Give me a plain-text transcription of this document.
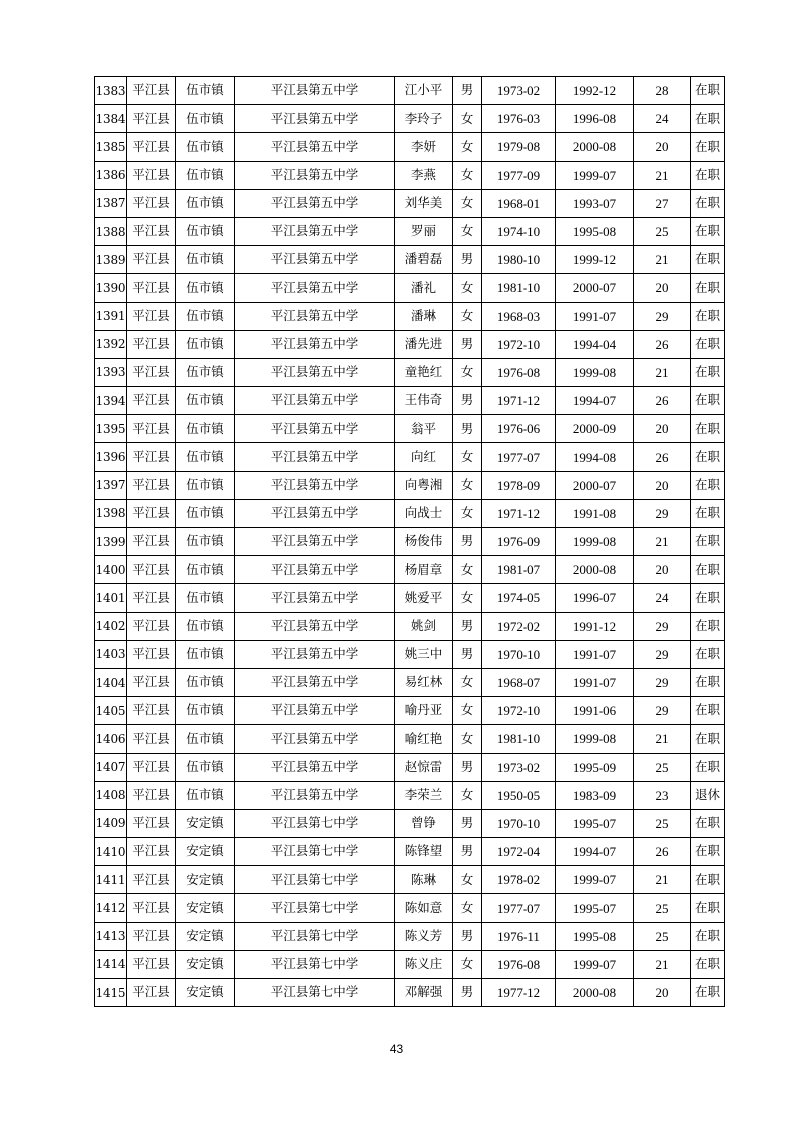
1383	平江县	伍市镇	平江县第五中学	江小平	男	1973-02	1992-12	28	在职
1384	平江县	伍市镇	平江县第五中学	李玲子	女	1976-03	1996-08	24	在职
1385	平江县	伍市镇	平江县第五中学	李妍	女	1979-08	2000-08	20	在职
1386	平江县	伍市镇	平江县第五中学	李燕	女	1977-09	1999-07	21	在职
1387	平江县	伍市镇	平江县第五中学	刘华美	女	1968-01	1993-07	27	在职
1388	平江县	伍市镇	平江县第五中学	罗丽	女	1974-10	1995-08	25	在职
1389	平江县	伍市镇	平江县第五中学	潘碧磊	男	1980-10	1999-12	21	在职
1390	平江县	伍市镇	平江县第五中学	潘礼	女	1981-10	2000-07	20	在职
1391	平江县	伍市镇	平江县第五中学	潘琳	女	1968-03	1991-07	29	在职
1392	平江县	伍市镇	平江县第五中学	潘先进	男	1972-10	1994-04	26	在职
1393	平江县	伍市镇	平江县第五中学	童艳红	女	1976-08	1999-08	21	在职
1394	平江县	伍市镇	平江县第五中学	王伟奇	男	1971-12	1994-07	26	在职
1395	平江县	伍市镇	平江县第五中学	翁平	男	1976-06	2000-09	20	在职
1396	平江县	伍市镇	平江县第五中学	向红	女	1977-07	1994-08	26	在职
1397	平江县	伍市镇	平江县第五中学	向粤湘	女	1978-09	2000-07	20	在职
1398	平江县	伍市镇	平江县第五中学	向战士	女	1971-12	1991-08	29	在职
1399	平江县	伍市镇	平江县第五中学	杨俊伟	男	1976-09	1999-08	21	在职
1400	平江县	伍市镇	平江县第五中学	杨眉章	女	1981-07	2000-08	20	在职
1401	平江县	伍市镇	平江县第五中学	姚爱平	女	1974-05	1996-07	24	在职
1402	平江县	伍市镇	平江县第五中学	姚剑	男	1972-02	1991-12	29	在职
1403	平江县	伍市镇	平江县第五中学	姚三中	男	1970-10	1991-07	29	在职
1404	平江县	伍市镇	平江县第五中学	易红林	女	1968-07	1991-07	29	在职
1405	平江县	伍市镇	平江县第五中学	喻丹亚	女	1972-10	1991-06	29	在职
1406	平江县	伍市镇	平江县第五中学	喻红艳	女	1981-10	1999-08	21	在职
1407	平江县	伍市镇	平江县第五中学	赵惊雷	男	1973-02	1995-09	25	在职
1408	平江县	伍市镇	平江县第五中学	李荣兰	女	1950-05	1983-09	23	退休
1409	平江县	安定镇	平江县第七中学	曾铮	男	1970-10	1995-07	25	在职
1410	平江县	安定镇	平江县第七中学	陈锋望	男	1972-04	1994-07	26	在职
1411	平江县	安定镇	平江县第七中学	陈琳	女	1978-02	1999-07	21	在职
1412	平江县	安定镇	平江县第七中学	陈如意	女	1977-07	1995-07	25	在职
1413	平江县	安定镇	平江县第七中学	陈义芳	男	1976-11	1995-08	25	在职
1414	平江县	安定镇	平江县第七中学	陈义庄	女	1976-08	1999-07	21	在职
1415	平江县	安定镇	平江县第七中学	邓解强	男	1977-12	2000-08	20	在职
43
